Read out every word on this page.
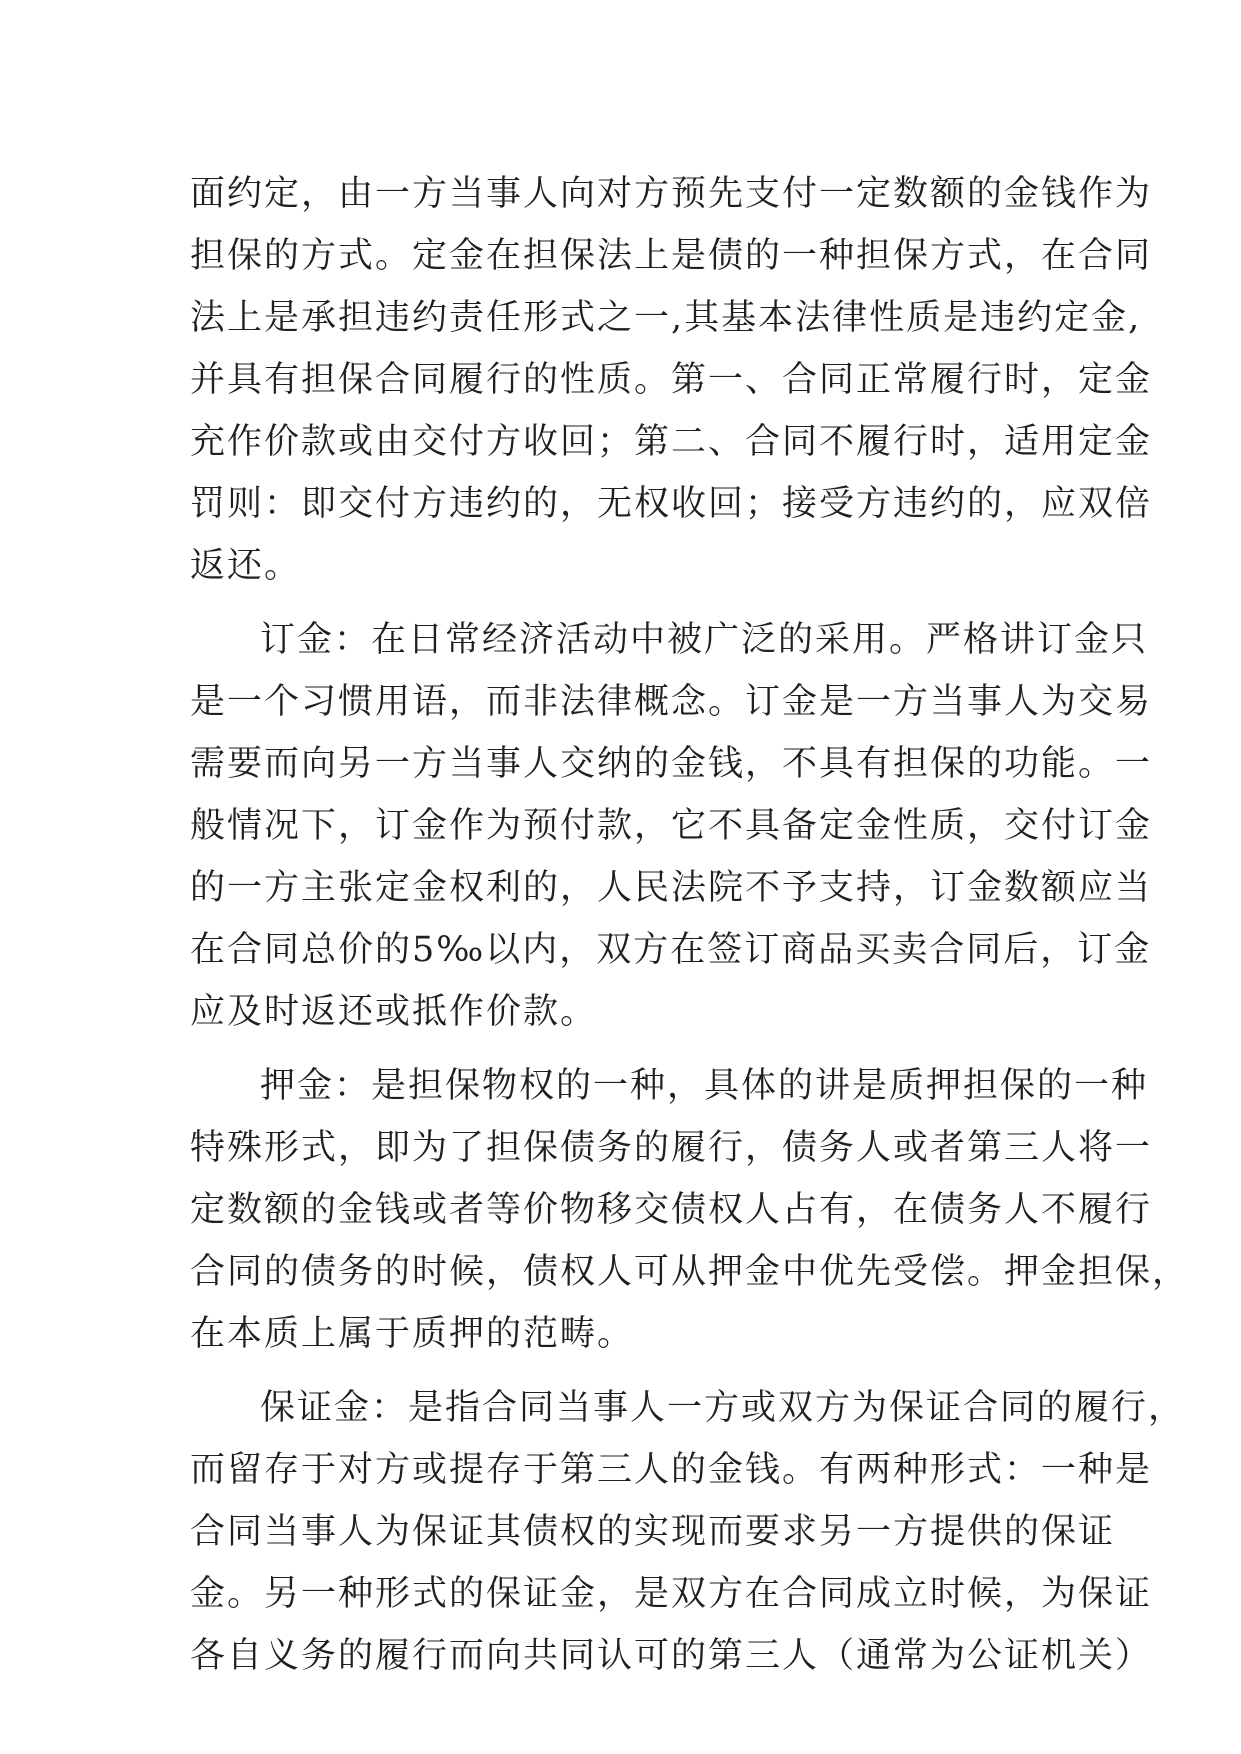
面约定，由一方当事人向对方预先支付一定数额的金钱作为
担保的方式。定金在担保法上是债的一种担保方式，在合同
法上是承担违约责任形式之一,其基本法律性质是违约定金,
并具有担保合同履行的性质。第一、合同正常履行时，定金
充作价款或由交付方收回；第二、合同不履行时，适用定金
罚则：即交付方违约的，无权收回；接受方违约的，应双倍
返还。
订金：在日常经济活动中被广泛的采用。严格讲订金只
是一个习惯用语，而非法律概念。订金是一方当事人为交易
需要而向另一方当事人交纳的金钱，不具有担保的功能。一
般情况下，订金作为预付款，它不具备定金性质，交付订金
的一方主张定金权利的，人民法院不予支持，订金数额应当
在合同总价的5‰以内，双方在签订商品买卖合同后，订金
应及时返还或抵作价款。
押金：是担保物权的一种，具体的讲是质押担保的一种
特殊形式，即为了担保债务的履行，债务人或者第三人将一
定数额的金钱或者等价物移交债权人占有，在债务人不履行
合同的债务的时候，债权人可从押金中优先受偿。押金担保，
在本质上属于质押的范畴。
保证金：是指合同当事人一方或双方为保证合同的履行，
而留存于对方或提存于第三人的金钱。有两种形式：一种是
合同当事人为保证其债权的实现而要求另一方提供的保证
金。另一种形式的保证金，是双方在合同成立时候，为保证
各自义务的履行而向共同认可的第三人（通常为公证机关）
